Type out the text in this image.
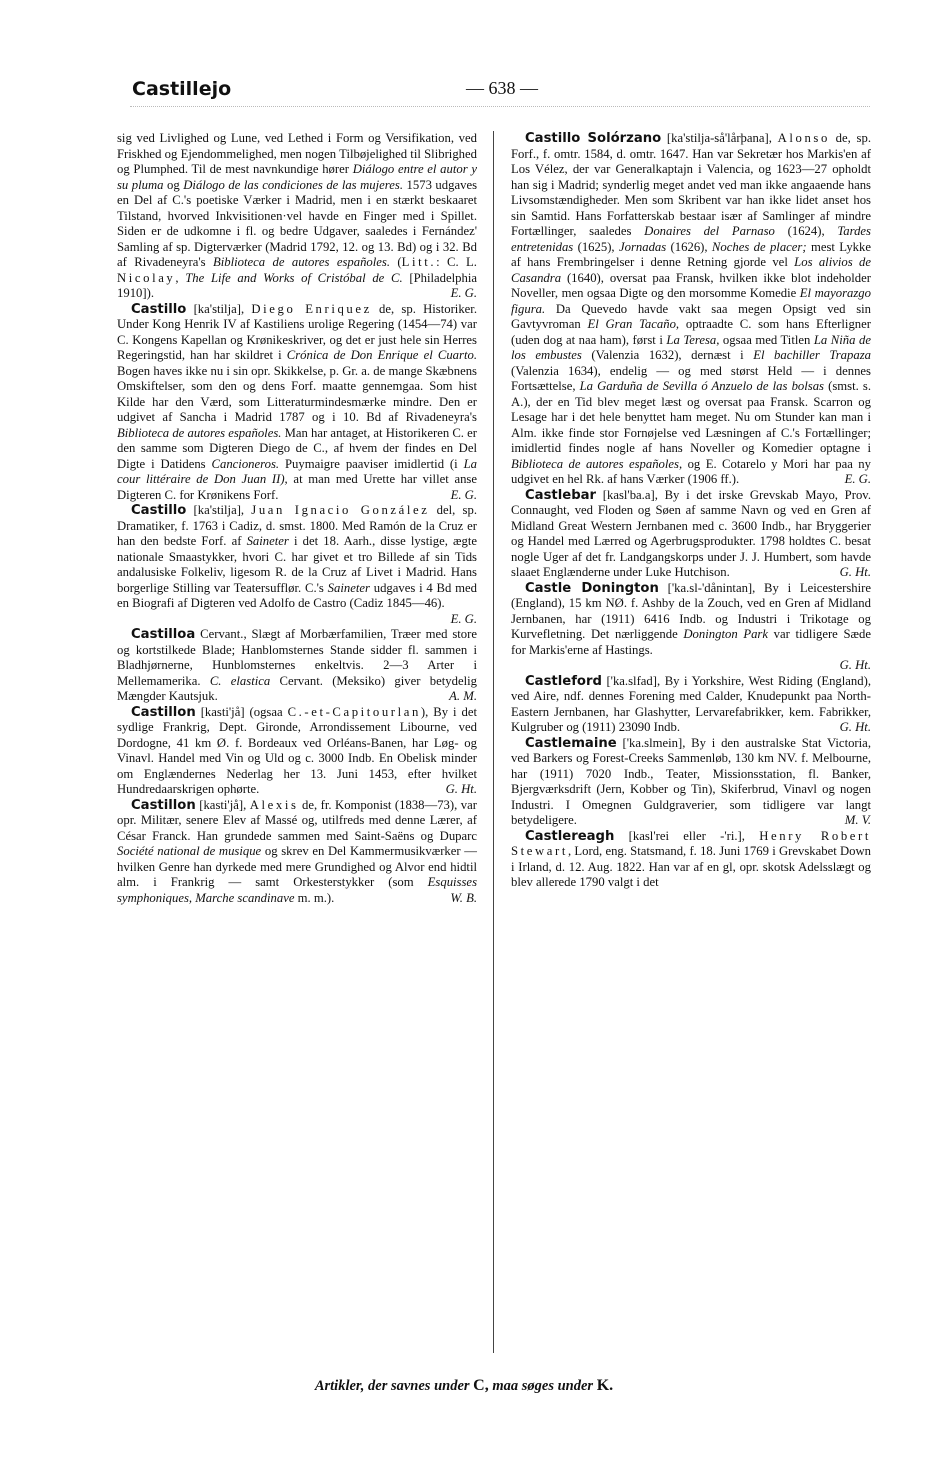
Castillejo	— 638 —

sig ved Livlighed og Lune, ved Lethed i Form og Versifikation, ved Friskhed og Ejendommelighed, men nogen Tilbøjelighed til Slibrighed og Plumphed. Til de mest navnkundige hører Diálogo entre el autor y su pluma og Diálogo de las condiciones de las mujeres. 1573 udgaves en Del af C.'s poetiske Værker i Madrid, men i en stærkt beskaaret Tilstand, hvorved Inkvisitionen·vel havde en Finger med i Spillet. Siden er de udkomne i fl. og bedre Udgaver, saaledes i Fernández' Samling af sp. Digterværker (Madrid 1792, 12. og 13. Bd) og i 32. Bd af Rivadeneyra's Biblioteca de autores españoles. (Litt.: C. L. Nicolay, The Life and Works of Cristóbal de C. [Philadelphia 1910]).	E. G.

Castillo [ka'stilja], Diego Enriquez de, sp. Historiker. Under Kong Henrik IV af Kastiliens urolige Regering (1454—74) var C. Kongens Kapellan og Krønikeskriver, og det er just hele sin Herres Regeringstid, han har skildret i Crónica de Don Enrique el Cuarto. Bogen haves ikke nu i sin opr. Skikkelse, p. Gr. a. de mange Skæbnens Omskiftelser, som den og dens Forf. maatte gennemgaa. Som hist Kilde har den Værd, som Litteraturmindesmærke mindre. Den er udgivet af Sancha i Madrid 1787 og i 10. Bd af Rivadeneyra's Biblioteca de autores españoles. Man har antaget, at Historikeren C. er den samme som Digteren Diego de C., af hvem der findes en Del Digte i Datidens Cancioneros. Puymaigre paaviser imidlertid (i La cour littéraire de Don Juan II), at man med Urette har villet anse Digteren C. for Krønikens Forf.	E. G.

Castillo [ka'stilja], Juan Ignacio González del, sp. Dramatiker, f. 1763 i Cadiz, d. smst. 1800. Med Ramón de la Cruz er han den bedste Forf. af Saineter i det 18. Aarh., disse lystige, ægte nationale Smaastykker, hvori C. har givet et tro Billede af sin Tids andalusiske Folkeliv, ligesom R. de la Cruz af Livet i Madrid. Hans borgerlige Stilling var Teatersufflør. C.'s Saineter udgaves i 4 Bd med en Biografi af Digteren ved Adolfo de Castro (Cadiz 1845—46).
E. G.

Castilloa Cervant., Slægt af Morbærfamilien, Træer med store og kortstilkede Blade; Hanblomsternes Stande sidder fl. sammen i Bladhjørnerne, Hunblomsternes enkeltvis. 2—3 Arter i Mellemamerika. C. elastica Cervant. (Meksiko) giver betydelig Mængder Kautsjuk.	A. M.

Castillon [kasti'jå] (ogsaa C.-et-Capitourlan), By i det sydlige Frankrig, Dept. Gironde, Arrondissement Libourne, ved Dordogne, 41 km Ø. f. Bordeaux ved Orléans-Banen, har Løg- og Vinavl. Handel med Vin og Uld og c. 3000 Indb. En Obelisk minder om Englændernes Nederlag her 13. Juni 1453, efter hvilket Hundredaarskrigen ophørte.	G. Ht.

Castillon [kasti'jå], Alexis de, fr. Komponist (1838—73), var opr. Militær, senere Elev af Massé og, utilfreds med denne Lærer, af César Franck. Han grundede sammen med Saint-Saëns og Duparc Société national de musique og skrev en Del Kammermusikværker — hvilken Genre han dyrkede med mere Grundighed og Alvor end hidtil alm. i Frankrig — samt Orkesterstykker (som Esquisses symphoniques, Marche scandinave m. m.).	W. B.

Castillo Solórzano [ka'stilja-så'lårþana], Alonso de, sp. Forf., f. omtr. 1584, d. omtr. 1647. Han var Sekretær hos Markis'en af Los Vélez, der var Generalkaptajn i Valencia, og 1623—27 opholdt han sig i Madrid; synderlig meget andet ved man ikke angaaende hans Livsomstændigheder. Men som Skribent var han ikke lidet anset hos sin Samtid. Hans Forfatterskab bestaar især af Samlinger af mindre Fortællinger, saaledes Donaires del Parnaso (1624), Tardes entretenidas (1625), Jornadas (1626), Noches de placer; mest Lykke af hans Frembringelser i denne Retning gjorde vel Los alivios de Casandra (1640), oversat paa Fransk, hvilken ikke blot indeholder Noveller, men ogsaa Digte og den morsomme Komedie El mayorazgo figura. Da Quevedo havde vakt saa megen Opsigt ved sin Gavtyvroman El Gran Tacaño, optraadte C. som hans Efterligner (uden dog at naa ham), først i La Teresa, ogsaa med Titlen La Niña de los embustes (Valenzia 1632), dernæst i El bachiller Trapaza (Valenzia 1634), endelig — og med størst Held — i dennes Fortsættelse, La Garduña de Sevilla ó Anzuelo de las bolsas (smst. s. A.), der en Tid blev meget læst og oversat paa Fransk. Scarron og Lesage har i det hele benyttet ham meget. Nu om Stunder kan man i Alm. ikke finde stor Fornøjelse ved Læsningen af C.'s Fortællinger; imidlertid findes nogle af hans Noveller og Komedier optagne i Biblioteca de autores españoles, og E. Cotarelo y Mori har paa ny udgivet en hel Rk. af hans Værker (1906 ff.).	E. G.

Castlebar [kasl'ba.a], By i det irske Grevskab Mayo, Prov. Connaught, ved Floden og Søen af samme Navn og ved en Gren af Midland Great Western Jernbanen med c. 3600 Indb., har Bryggerier og Handel med Lærred og Agerbrugsprodukter. 1798 holdtes C. besat nogle Uger af det fr. Landgangskorps under J. J. Humbert, som havde slaaet Englænderne under Luke Hutchison.	G. Ht.

Castle Donington ['ka.sl-'dånintan], By i Leicestershire (England), 15 km NØ. f. Ashby de la Zouch, ved en Gren af Midland Jernbanen, har (1911) 6416 Indb. og Industri i Trikotage og Kurvefletning. Det nærliggende Donington Park var tidligere Sæde for Markis'erne af Hastings.
G. Ht.

Castleford ['ka.slfad], By i Yorkshire, West Riding (England), ved Aire, ndf. dennes Forening med Calder, Knudepunkt paa North-Eastern Jernbanen, har Glashytter, Lervarefabrikker, kem. Fabrikker, Kulgruber og (1911) 23090 Indb.	G. Ht.

Castlemaine ['ka.slmein], By i den australske Stat Victoria, ved Barkers og Forest-Creeks Sammenløb, 130 km NV. f. Melbourne, har (1911) 7020 Indb., Teater, Missionsstation, fl. Banker, Bjergværksdrift (Jern, Kobber og Tin), Skiferbrud, Vinavl og nogen Industri. I Omegnen Guldgraverier, som tidligere var langt betydeligere.	M. V.

Castlereagh [kasl'rei eller -'ri.], Henry Robert Stewart, Lord, eng. Statsmand, f. 18. Juni 1769 i Grevskabet Down i Irland, d. 12. Aug. 1822. Han var af en gl, opr. skotsk Adelsslægt og blev allerede 1790 valgt i det

Artikler, der savnes under C, maa søges under K.
